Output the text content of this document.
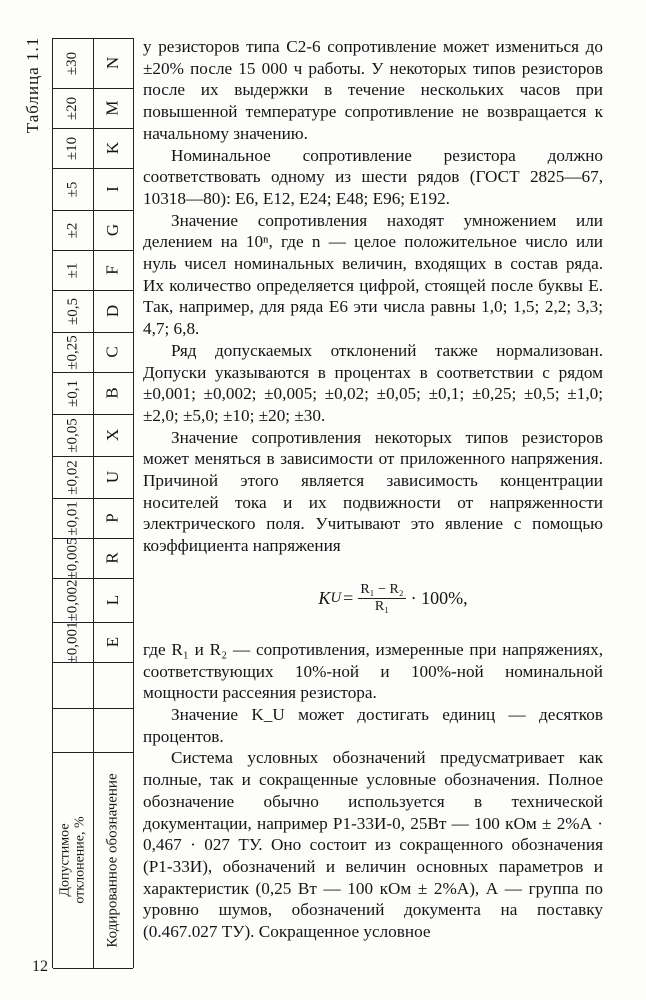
Таблица 1.1 ±30 N
±20 M
±10 K
±5 I
±2 G
±1 F
±0,5 D
±0,25 C
±0,1 B
±0,05 X
±0,02 U
±0,01 P
±0,005 R
±0,002 L
±0,001 E
Допустимое
отклонение, % Кодированное обозначение
12

у резисторов типа С2-6 сопротивление может измениться до ±20% после 15 000 ч работы. У некоторых типов резисторов после их выдержки в течение нескольких часов при повышенной температуре сопротивление не возвращается к начальному значению.

Номинальное сопротивление резистора должно соответствовать одному из шести рядов (ГОСТ 2825—67, 10318—80): Е6, Е12, Е24; Е48; Е96; Е192.

Значение сопротивления находят умножением или делением на 10ⁿ, где n — целое положительное число или нуль чисел номинальных величин, входящих в состав ряда. Их количество определяется цифрой, стоящей после буквы Е. Так, например, для ряда Е6 эти числа равны 1,0; 1,5; 2,2; 3,3; 4,7; 6,8.

Ряд допускаемых отклонений также нормализован. Допуски указываются в процентах в соответствии с рядом ±0,001; ±0,002; ±0,005; ±0,02; ±0,05; ±0,1; ±0,25; ±0,5; ±1,0; ±2,0; ±5,0; ±10; ±20; ±30.

Значение сопротивления некоторых типов резисторов может меняться в зависимости от приложенного напряжения. Причиной этого является зависимость концентрации носителей тока и их подвижности от напряженности электрического поля. Учитывают это явление с помощью коэффициента напряжения

K $U = \frac{\text{R₁ − R₂}}{\text{R₁}} \cdot 100\%$,

где R₁ и R₂ — сопротивления, измеренные при напряжениях, соответствующих 10%-ной и 100%-ной номинальной мощности рассеяния резистора.

Значение K_U может достигать единиц — десятков процентов.

Система условных обозначений предусматривает как полные, так и сокращенные условные обозначения. Полное обозначение обычно используется в технической документации, например Р1-33И-0, 25Вт — 100 кОм ± 2%А · 0,467 · 027 ТУ. Оно состоит из сокращенного обозначения (Р1-33И), обозначений и величин основных параметров и характеристик (0,25 Вт — 100 кОм ± 2%А), А — группа по уровню шумов, обозначений документа на поставку (0.467.027 ТУ). Сокращенное условное
